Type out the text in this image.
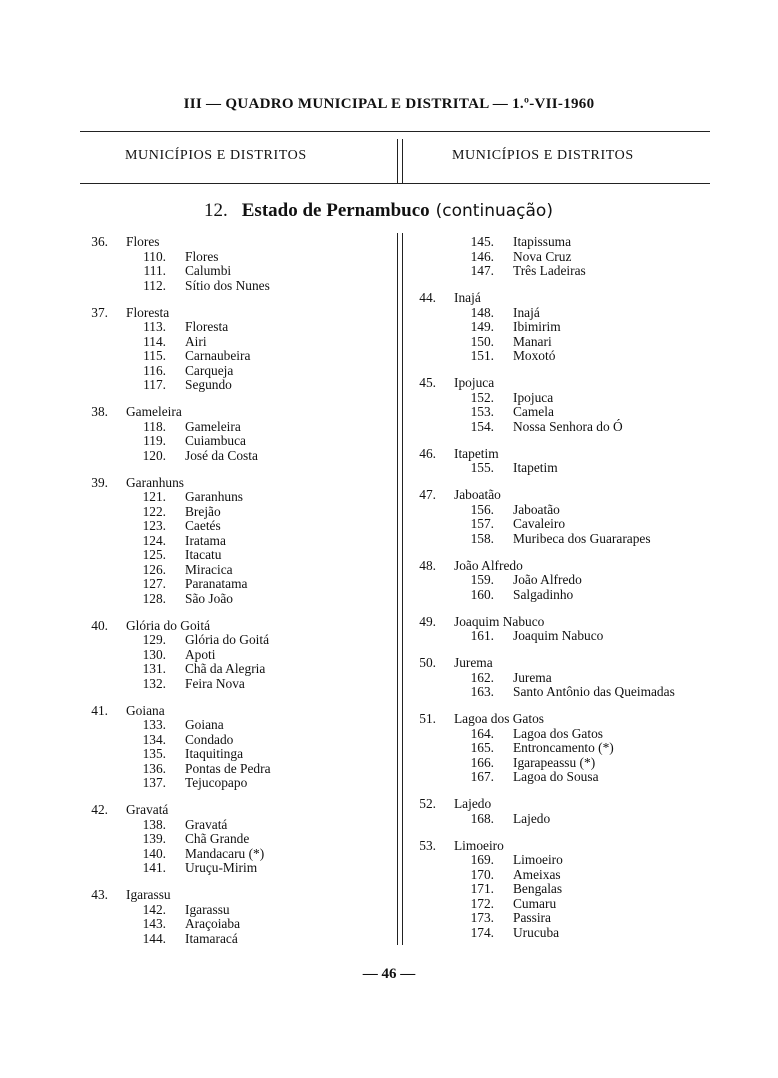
III — QUADRO MUNICIPAL E DISTRITAL — 1.º-VII-1960
MUNICÍPIOS E DISTRITOS	MUNICÍPIOS E DISTRITOS
12. Estado de Pernambuco (continuação)
36. Flores
110. Flores
111. Calumbi
112. Sítio dos Nunes
37. Floresta
113. Floresta
114. Airi
115. Carnaubeira
116. Carqueja
117. Segundo
38. Gameleira
118. Gameleira
119. Cuiambuca
120. José da Costa
39. Garanhuns
121. Garanhuns
122. Brejão
123. Caetés
124. Iratama
125. Itacatu
126. Miracica
127. Paranatama
128. São João
40. Glória do Goitá
129. Glória do Goitá
130. Apoti
131. Chã da Alegria
132. Feira Nova
41. Goiana
133. Goiana
134. Condado
135. Itaquitinga
136. Pontas de Pedra
137. Tejucopapo
42. Gravatá
138. Gravatá
139. Chã Grande
140. Mandacaru (*)
141. Uruçu-Mirim
43. Igarassu
142. Igarassu
143. Araçoiaba
144. Itamaracá
145. Itapissuma
146. Nova Cruz
147. Três Ladeiras
44. Inajá
148. Inajá
149. Ibimirim
150. Manari
151. Moxotó
45. Ipojuca
152. Ipojuca
153. Camela
154. Nossa Senhora do Ó
46. Itapetim
155. Itapetim
47. Jaboatão
156. Jaboatão
157. Cavaleiro
158. Muribeca dos Guararapes
48. João Alfredo
159. João Alfredo
160. Salgadinho
49. Joaquim Nabuco
161. Joaquim Nabuco
50. Jurema
162. Jurema
163. Santo Antônio das Queimadas
51. Lagoa dos Gatos
164. Lagoa dos Gatos
165. Entroncamento (*)
166. Igarapeassu (*)
167. Lagoa do Sousa
52. Lajedo
168. Lajedo
53. Limoeiro
169. Limoeiro
170. Ameixas
171. Bengalas
172. Cumaru
173. Passira
174. Urucuba
— 46 —
